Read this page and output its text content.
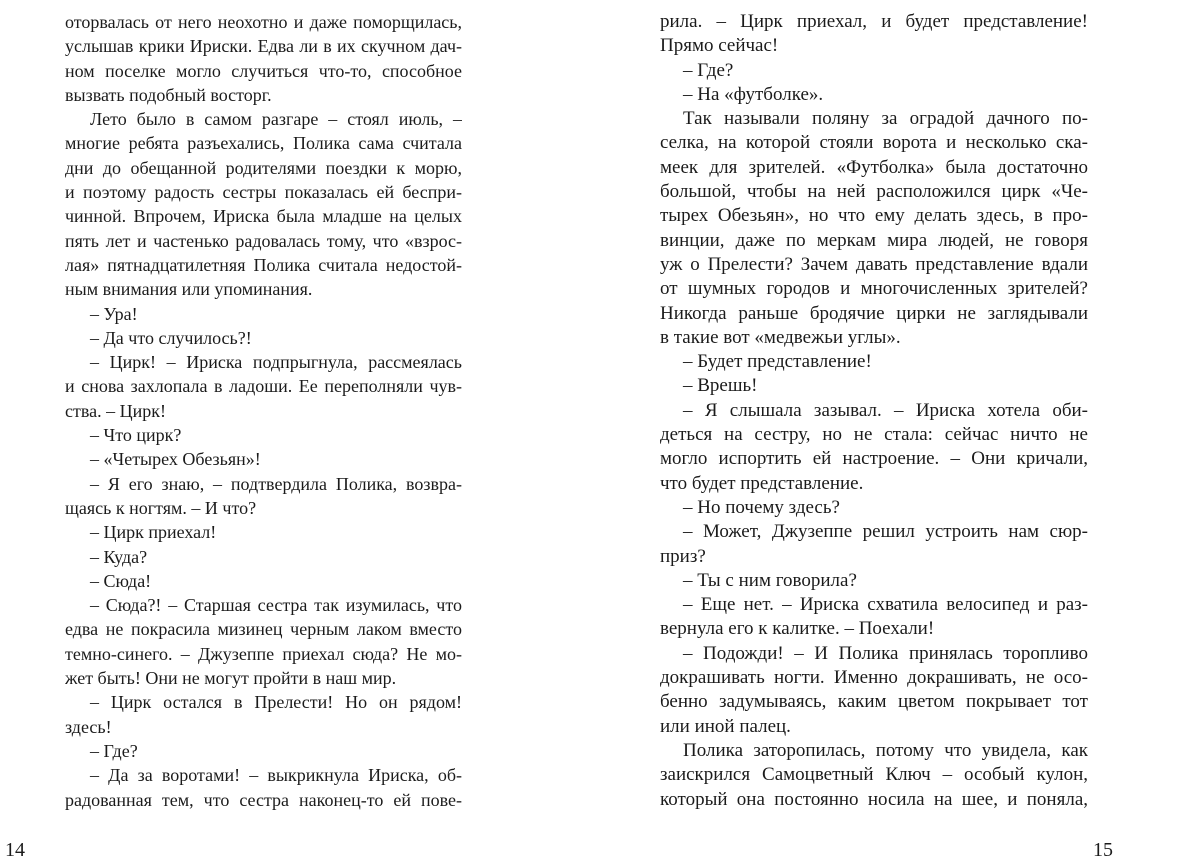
оторвалась от него неохотно и даже поморщилась,
услышав крики Ириски. Едва ли в их скучном дач-
ном поселке могло случиться что-то, способное
вызвать подобный восторг.
Лето было в самом разгаре – стоял июль, –
многие ребята разъехались, Полика сама считала
дни до обещанной родителями поездки к морю,
и поэтому радость сестры показалась ей беспри-
чинной. Впрочем, Ириска была младше на целых
пять лет и частенько радовалась тому, что «взрос-
лая» пятнадцатилетняя Полика считала недостой-
ным внимания или упоминания.
– Ура!
– Да что случилось?!
– Цирк! – Ириска подпрыгнула, рассмеялась
и снова захлопала в ладоши. Ее переполняли чув-
ства. – Цирк!
– Что цирк?
– «Четырех Обезьян»!
– Я его знаю, – подтвердила Полика, возвра-
щаясь к ногтям. – И что?
– Цирк приехал!
– Куда?
– Сюда!
– Сюда?! – Старшая сестра так изумилась, что
едва не покрасила мизинец черным лаком вместо
темно-синего. – Джузеппе приехал сюда? Не мо-
жет быть! Они не могут пройти в наш мир.
– Цирк остался в Прелести! Но он рядом!
здесь!
– Где?
– Да за воротами! – выкрикнула Ириска, об-
радованная тем, что сестра наконец-то ей пове-
14
рила. – Цирк приехал, и будет представление!
Прямо сейчас!
– Где?
– На «футболке».
Так называли поляну за оградой дачного по-
селка, на которой стояли ворота и несколько ска-
меек для зрителей. «Футболка» была достаточно
большой, чтобы на ней расположился цирк «Че-
тырех Обезьян», но что ему делать здесь, в про-
винции, даже по меркам мира людей, не говоря
уж о Прелести? Зачем давать представление вдали
от шумных городов и многочисленных зрителей?
Никогда раньше бродячие цирки не заглядывали
в такие вот «медвежьи углы».
– Будет представление!
– Врешь!
– Я слышала зазывал. – Ириска хотела оби-
деться на сестру, но не стала: сейчас ничто не
могло испортить ей настроение. – Они кричали,
что будет представление.
– Но почему здесь?
– Может, Джузеппе решил устроить нам сюр-
приз?
– Ты с ним говорила?
– Еще нет. – Ириска схватила велосипед и раз-
вернула его к калитке. – Поехали!
– Подожди! – И Полика принялась торопливо
докрашивать ногти. Именно докрашивать, не осо-
бенно задумываясь, каким цветом покрывает тот
или иной палец.
Полика заторопилась, потому что увидела, как
заискрился Самоцветный Ключ – особый кулон,
который она постоянно носила на шее, и поняла,
15
